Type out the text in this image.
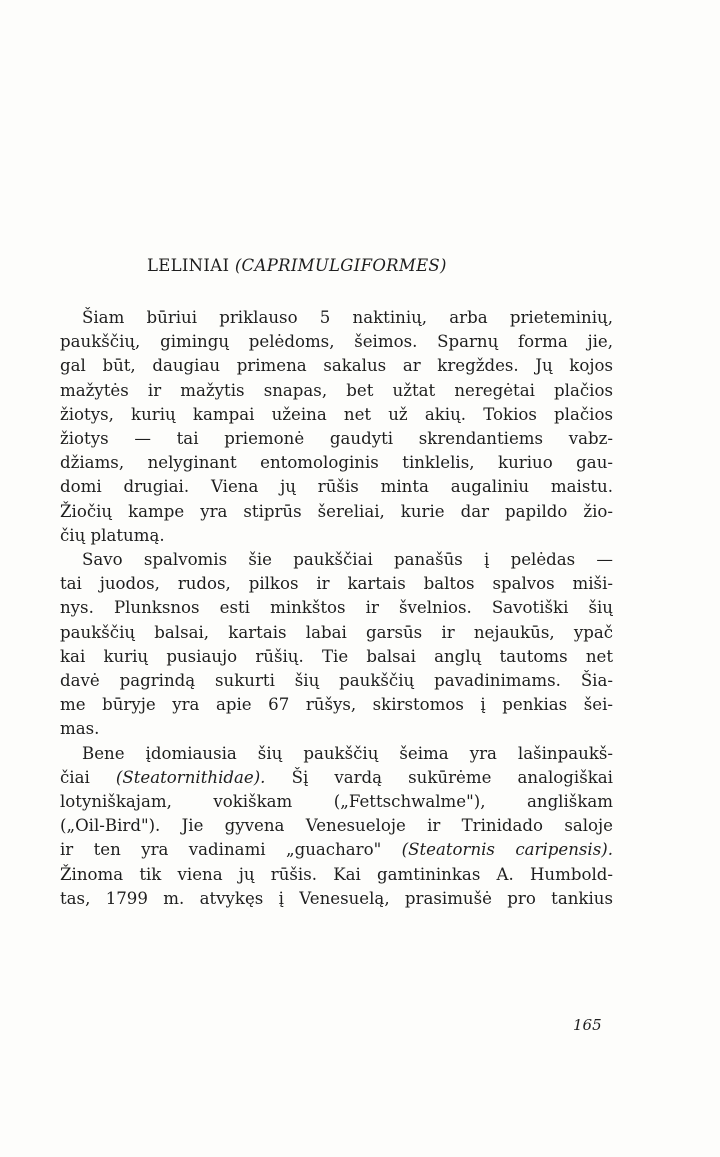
LELINIAI (CAPRIMULGIFORMES)
Šiam būriui priklauso 5 naktinių, arba prieteminių,
paukščių, gimingų pelėdoms, šeimos. Sparnų forma jie,
gal būt, daugiau primena sakalus ar kregždes. Jų kojos
mažytės ir mažytis snapas, bet užtat neregėtai plačios
žiotys, kurių kampai užeina net už akių. Tokios plačios
žiotys — tai priemonė gaudyti skrendantiems vabz-
džiams, nelyginant entomologinis tinklelis, kuriuo gau-
domi drugiai. Viena jų rūšis minta augaliniu maistu.
Žiočių kampe yra stiprūs šereliai, kurie dar papildo žio-
čių platumą.
Savo spalvomis šie paukščiai panašūs į pelėdas —
tai juodos, rudos, pilkos ir kartais baltos spalvos miši-
nys. Plunksnos esti minkštos ir švelnios. Savotiški šių
paukščių balsai, kartais labai garsūs ir nejaukūs, ypač
kai kurių pusiaujo rūšių. Tie balsai anglų tautoms net
davė pagrindą sukurti šių paukščių pavadinimams. Šia-
me būryje yra apie 67 rūšys, skirstomos į penkias šei-
mas.
Bene įdomiausia šių paukščių šeima yra lašinpaukš-
čiai (Steatornithidae). Šį vardą sukūrėme analogiškai
lotyniškajam, vokiškam („Fettschwalme"), angliškam
(„Oil-Bird"). Jie gyvena Venesueloje ir Trinidado saloje
ir ten yra vadinami „guacharo" (Steatornis caripensis).
Žinoma tik viena jų rūšis. Kai gamtininkas A. Humbold-
tas, 1799 m. atvykęs į Venesuelą, prasimušė pro tankius
165
